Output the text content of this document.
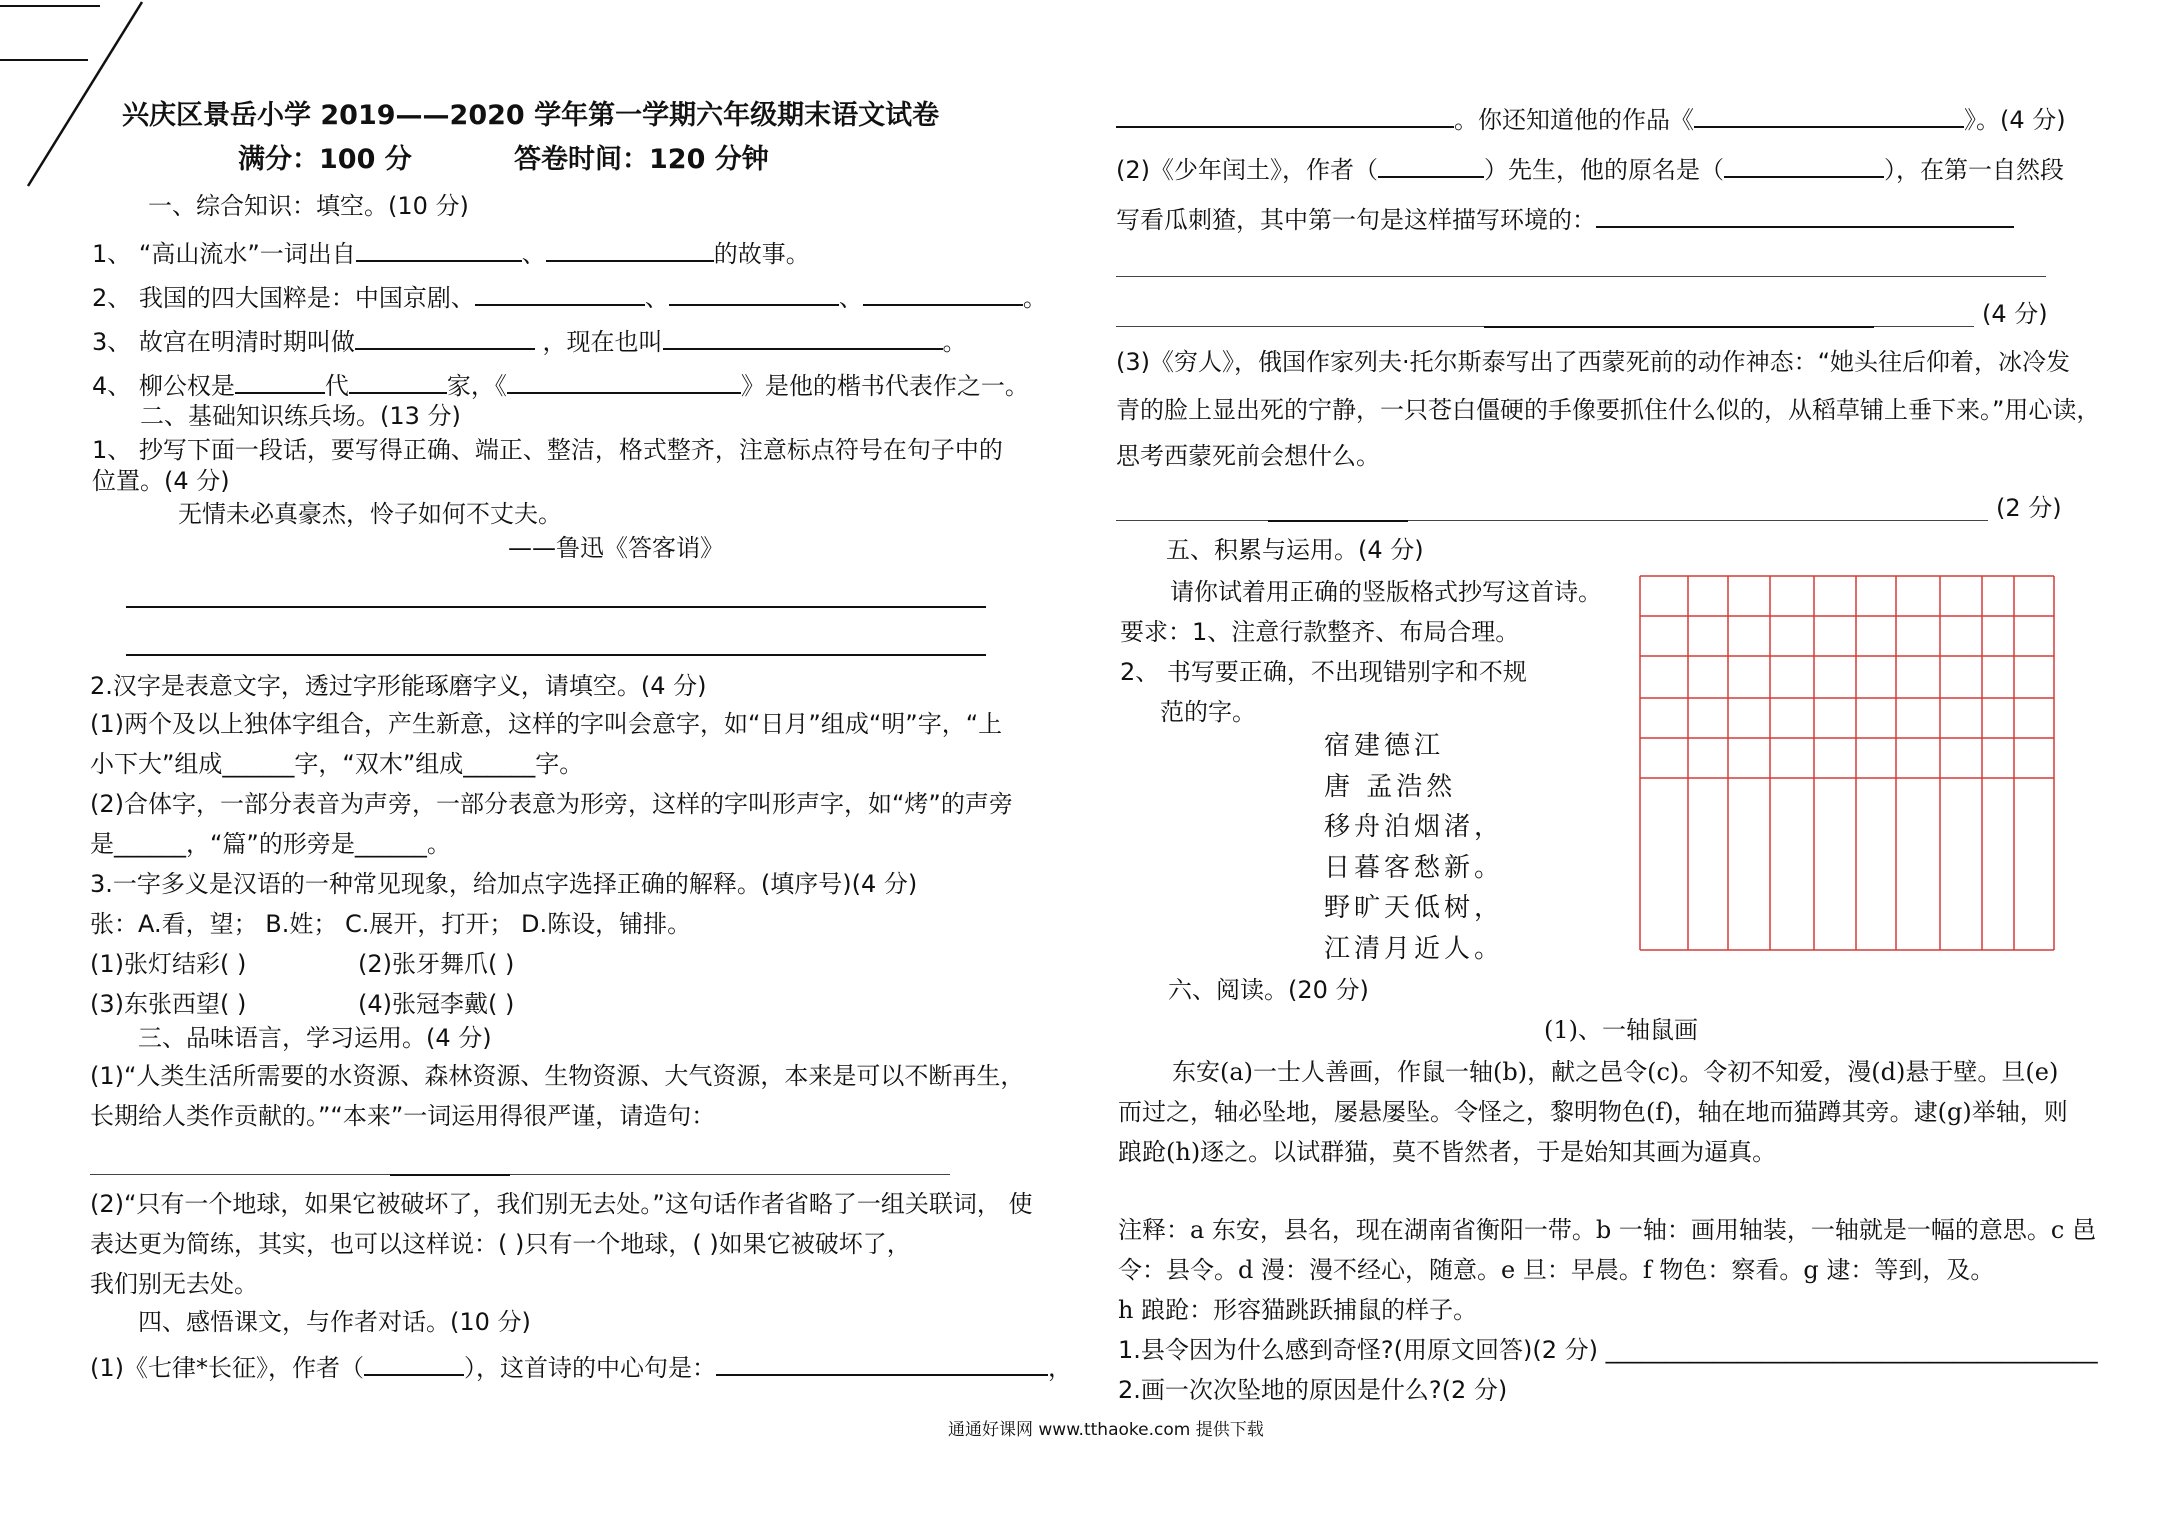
兴庆区景岳小学 2019——2020 学年第一学期六年级期末语文试卷
满分：100 分	答卷时间：120 分钟
一、综合知识：填空。(10 分)
1、 “高山流水”一词出自	、	的故事。
2、 我国的四大国粹是：中国京剧、	、	、	。
3、 故宫在明清时期叫做	，现在也叫	。
4、 柳公权是	代	家，《	》是他的楷书代表作之一。
二、基础知识练兵场。(13 分)
1、 抄写下面一段话，要写得正确、端正、整洁，格式整齐，注意标点符号在句子中的
位置。(4 分)
无情未必真豪杰，怜子如何不丈夫。
——鲁迅《答客诮》
2.汉字是表意文字，透过字形能琢磨字义，请填空。(4 分)
(1)两个及以上独体字组合，产生新意，这样的字叫会意字，如“日月”组成“明”字，“上
小下大”组成______字，“双木”组成______字。
(2)合体字，一部分表音为声旁，一部分表意为形旁，这样的字叫形声字，如“烤”的声旁
是______，“篇”的形旁是______。
3.一字多义是汉语的一种常见现象，给加点字选择正确的解释。(填序号)(4 分)
张：A.看，望； B.姓； C.展开，打开； D.陈设，铺排。
(1)张灯结彩( )	(2)张牙舞爪( )
(3)东张西望( )	(4)张冠李戴( )
三、品味语言，学习运用。(4 分)
(1)“人类生活所需要的水资源、森林资源、生物资源、大气资源，本来是可以不断再生，
长期给人类作贡献的。”“本来”一词运用得很严谨，请造句：
(2)“只有一个地球，如果它被破坏了，我们别无去处。”这句话作者省略了一组关联词， 使
表达更为简练，其实，也可以这样说：( )只有一个地球，( )如果它被破坏了，
我们别无去处。
四、感悟课文，与作者对话。(10 分)
(1)《七律*长征》，作者（	），这首诗的中心句是：	，
。你还知道他的作品《	》。(4 分)
(2)《少年闰土》，作者（	）先生，他的原名是（	），在第一自然段
写看瓜刺猹，其中第一句是这样描写环境的：
(4 分)
(3)《穷人》，俄国作家列夫·托尔斯泰写出了西蒙死前的动作神态：“她头往后仰着，冰冷发
青的脸上显出死的宁静，一只苍白僵硬的手像要抓住什么似的，从稻草铺上垂下来。”用心读，
思考西蒙死前会想什么。
(2 分)
五、积累与运用。(4 分)
请你试着用正确的竖版格式抄写这首诗。
要求：1、注意行款整齐、布局合理。
2、 书写要正确，不出现错别字和不规
范的字。
宿建德江
唐 孟浩然
移舟泊烟渚，
日暮客愁新。
野旷天低树，
江清月近人。
六、阅读。(20 分)
(1)、一轴鼠画
东安(a)一士人善画，作鼠一轴(b)，献之邑令(c)。令初不知爱，漫(d)悬于壁。旦(e)
而过之，轴必坠地，屡悬屡坠。令怪之，黎明物色(f)，轴在地而猫蹲其旁。逮(g)举轴，则
踉跄(h)逐之。以试群猫，莫不皆然者，于是始知其画为逼真。
注释：a 东安，县名，现在湖南省衡阳一带。b 一轴：画用轴装，一轴就是一幅的意思。c 邑
令：县令。d 漫：漫不经心，随意。e 旦：早晨。f 物色：察看。g 逮：等到，及。
h 踉跄：形容猫跳跃捕鼠的样子。
1.县令因为什么感到奇怪?(用原文回答)(2 分) _________________________________________
2.画一次次坠地的原因是什么?(2 分)
通通好课网 www.tthaoke.com 提供下载
